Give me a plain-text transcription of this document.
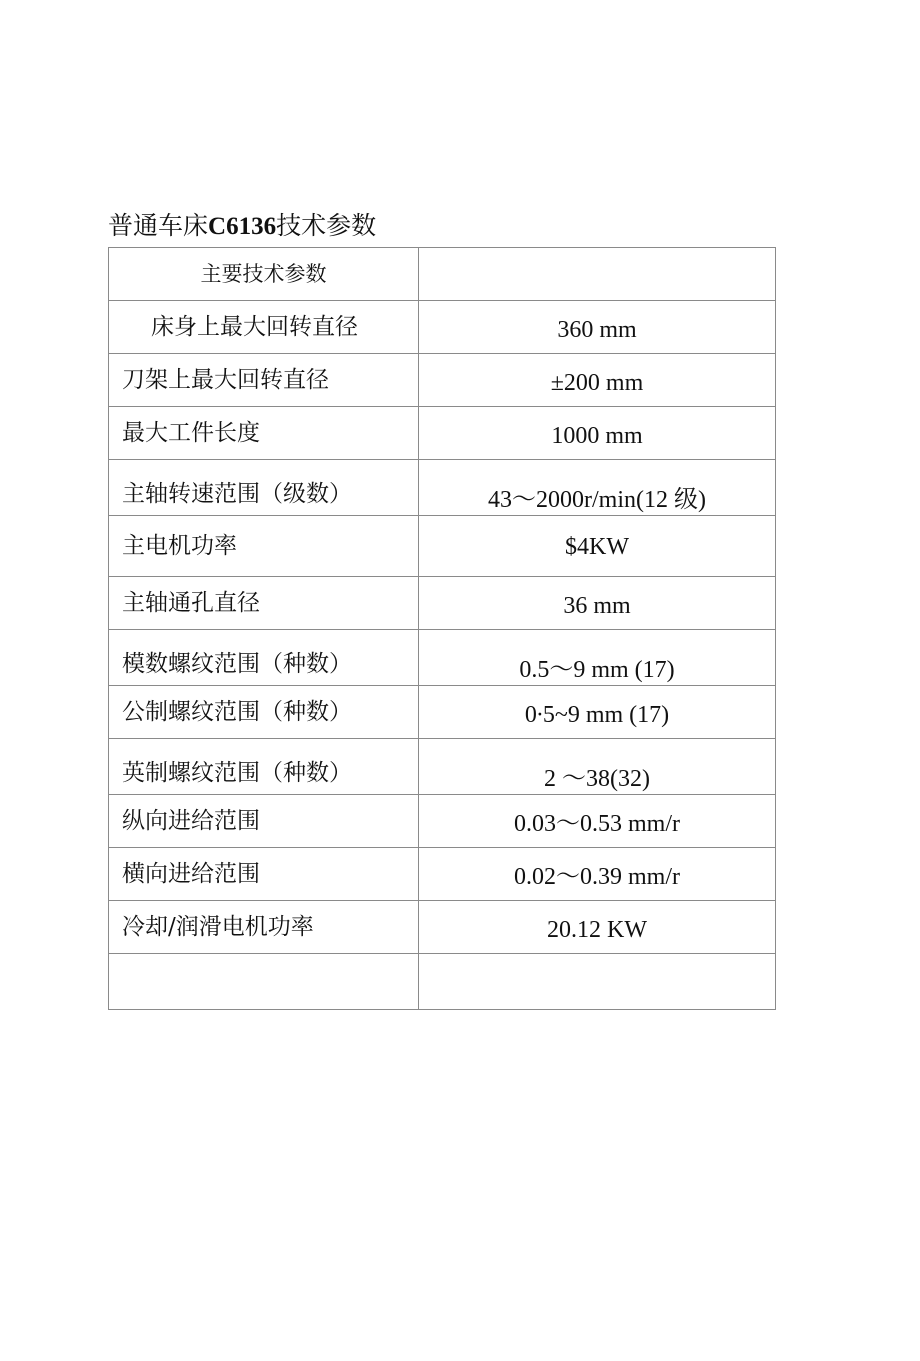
普通车床C6136技术参数
主要技术参数	

床身上最大回转直径	360 mm

刀架上最大回转直径	±200 mm

最大工件长度	1000 mm

主轴转速范围（级数）	43～2000r/min(12 级)

主电机功率	$4KW

主轴通孔直径	36 mm

模数螺纹范围（种数）	0.5～9 mm (17)

公制螺纹范围（种数）	0∙5~9 mm (17)

英制螺纹范围（种数）	2 ～38(32)

纵向进给范围	0.03～0.53 mm/r

横向进给范围	0.02～0.39 mm/r

冷却/润滑电机功率	20.12 KW
